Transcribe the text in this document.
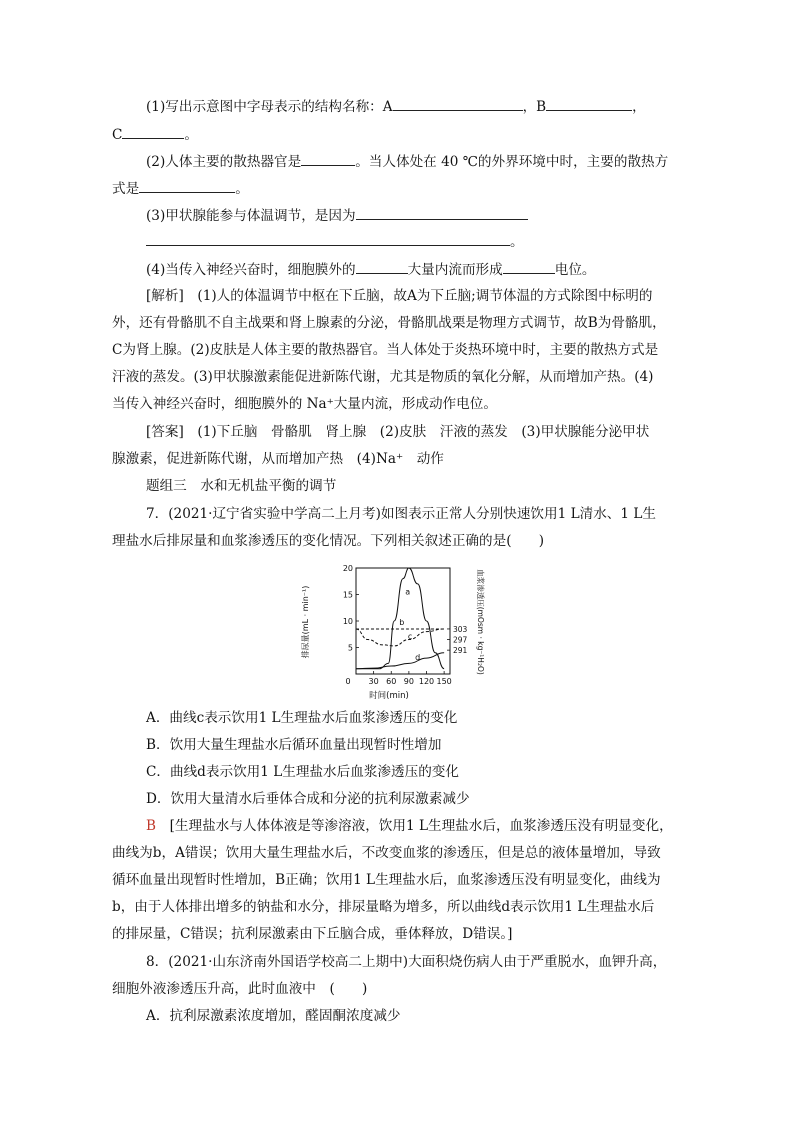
(1)写出示意图中字母表示的结构名称：A	，B	，
C	。
(2)人体主要的散热器官是	。当人体处在 40 ℃的外界环境中时，主要的散热方
式是	。
(3)甲状腺能参与体温调节，是因为
。
(4)当传入神经兴奋时，细胞膜外的	大量内流而形成	电位。
[解析]　(1)人的体温调节中枢在下丘脑，故A为下丘脑;调节体温的方式除图中标明的
外，还有骨骼肌不自主战栗和肾上腺素的分泌，骨骼肌战栗是物理方式调节，故B为骨骼肌，
C为肾上腺。(2)皮肤是人体主要的散热器官。当人体处于炎热环境中时，主要的散热方式是
汗液的蒸发。(3)甲状腺激素能促进新陈代谢，尤其是物质的氧化分解，从而增加产热。(4)
当传入神经兴奋时，细胞膜外的 Na⁺大量内流，形成动作电位。
[答案]　(1)下丘脑　骨骼肌　肾上腺　(2)皮肤　汗液的蒸发　(3)甲状腺能分泌甲状
腺激素，促进新陈代谢，从而增加产热　(4)Na⁺　动作
题组三　水和无机盐平衡的调节
7．(2021·辽宁省实验中学高二上月考)如图表示正常人分别快速饮用1 L清水、1 L生
理盐水后排尿量和血浆渗透压的变化情况。下列相关叙述正确的是(　　)
0 30 60 90 120 150
5
10
15
20
303
297
291
a
b
c
d
时间(min)
排尿量(mL · min⁻¹)	血浆渗透压(mOsm · kg⁻¹H₂O)
A．曲线c表示饮用1 L生理盐水后血浆渗透压的变化
B．饮用大量生理盐水后循环血量出现暂时性增加
C．曲线d表示饮用1 L生理盐水后血浆渗透压的变化
D．饮用大量清水后垂体合成和分泌的抗利尿激素减少
B　 [生理盐水与人体体液是等渗溶液，饮用1 L生理盐水后，血浆渗透压没有明显变化，
曲线为b，A错误；饮用大量生理盐水后，不改变血浆的渗透压，但是总的液体量增加，导致
循环血量出现暂时性增加，B正确；饮用1 L生理盐水后，血浆渗透压没有明显变化，曲线为
b，由于人体排出增多的钠盐和水分，排尿量略为增多，所以曲线d表示饮用1 L生理盐水后
的排尿量，C错误；抗利尿激素由下丘脑合成，垂体释放，D错误。]
8．(2021·山东济南外国语学校高二上期中)大面积烧伤病人由于严重脱水，血钾升高，
细胞外液渗透压升高，此时血液中　(　　)
A．抗利尿激素浓度增加，醛固酮浓度减少
